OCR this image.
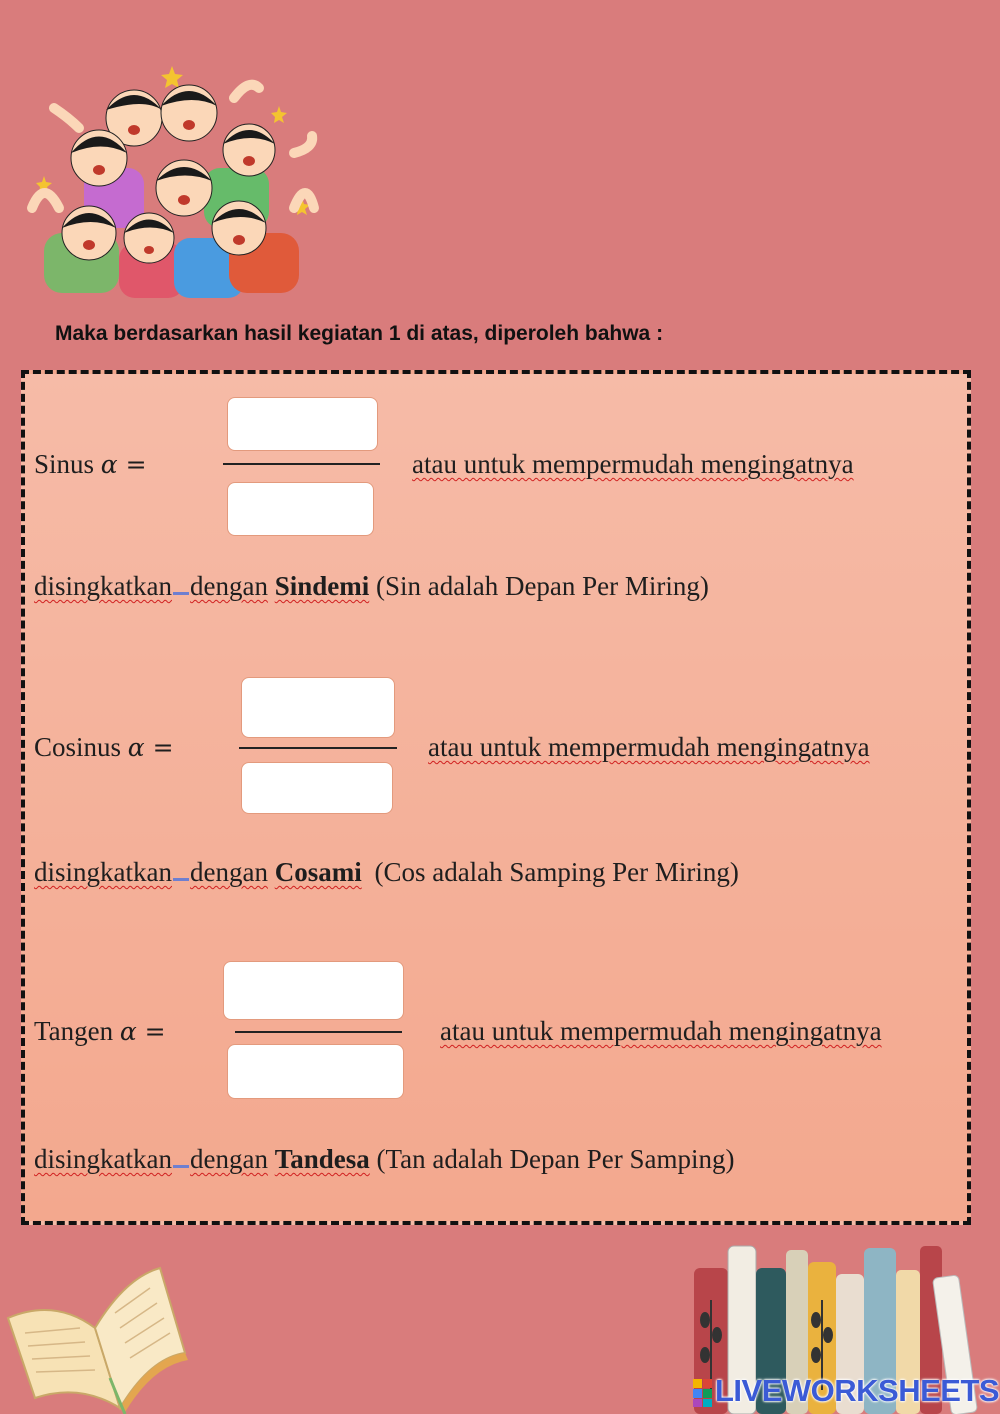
Maka berdasarkan hasil kegiatan 1 di atas, diperoleh bahwa :
Sinus α =	atau untuk mempermudah mengingatnya
disingkatkan dengan Sindemi (Sin adalah Depan Per Miring)
Cosinus α =	atau untuk mempermudah mengingatnya
disingkatkan dengan Cosami (Cos adalah Samping Per Miring)
Tangen α =	atau untuk mempermudah mengingatnya
disingkatkan dengan Tandesa (Tan adalah Depan Per Samping)
LIVEWORKSHEETS
